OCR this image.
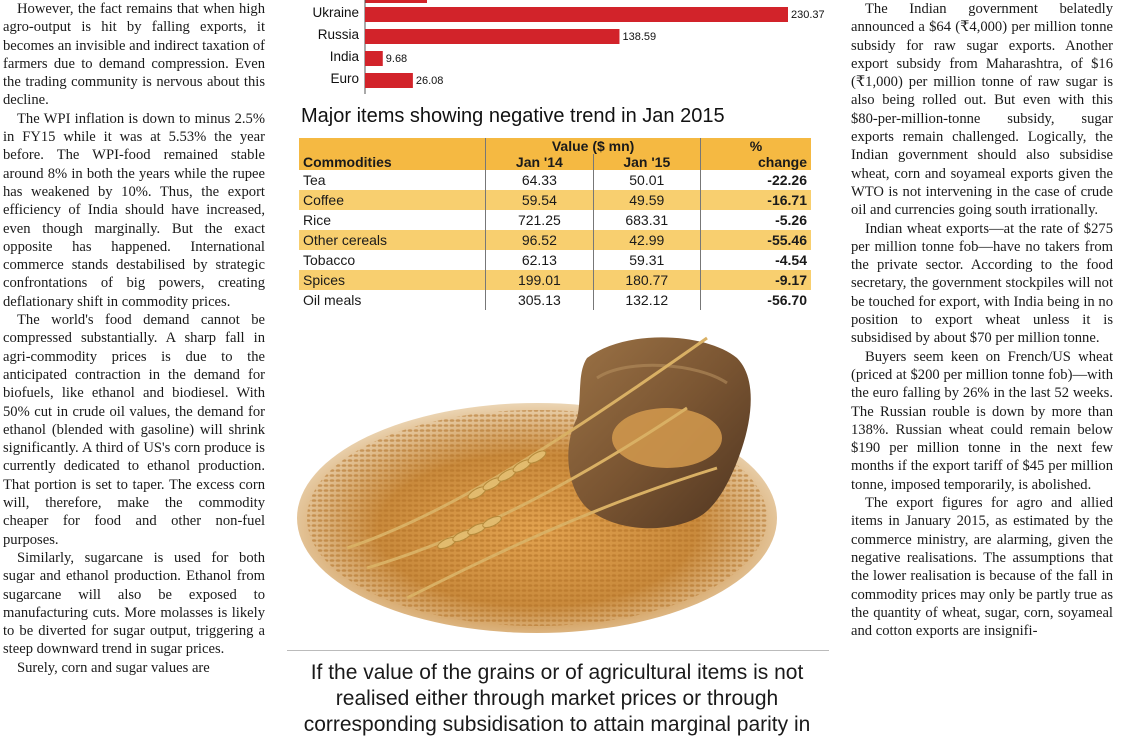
However, the fact remains that when high agro-output is hit by falling exports, it becomes an invisible and indirect taxation of farmers due to demand compression. Even the trading community is nervous about this decline.

The WPI inflation is down to minus 2.5% in FY15 while it was at 5.53% the year before. The WPI-food remained stable around 8% in both the years while the rupee has weakened by 10%. Thus, the export efficiency of India should have increased, even though marginally. But the exact opposite has happened. International commerce stands destabilised by strategic confrontations of big powers, creating deflationary shift in commodity prices.

The world's food demand cannot be compressed substantially. A sharp fall in agri-commodity prices is due to the anticipated contraction in the demand for biofuels, like ethanol and biodiesel. With 50% cut in crude oil values, the demand for ethanol (blended with gasoline) will shrink significantly. A third of US's corn produce is currently dedicated to ethanol production. That portion is set to taper. The excess corn will, therefore, make the commodity cheaper for food and other non-fuel purposes.

Similarly, sugarcane is used for both sugar and ethanol production. Ethanol from sugarcane will also be exposed to manufacturing cuts. More molasses is likely to be diverted for sugar output, triggering a steep downward trend in sugar prices.

Surely, corn and sugar values are

Ukraine	230.37
Russia	138.59
India 9.68
Euro	26.08
Major items showing negative trend in Jan 2015
	Value ($ mn)		%
Commodities	Jan '14	Jan '15	change
Tea	64.33	50.01	-22.26
Coffee	59.54	49.59	-16.71
Rice	721.25	683.31	-5.26
Other cereals	96.52	42.99	-55.46
Tobacco	62.13	59.31	-4.54
Spices	199.01	180.77	-9.17
Oil meals	305.13	132.12	-56.70
If the value of the grains or of agricultural items is not realised either through market prices or through corresponding subsidisation to attain marginal parity in

The Indian government belatedly announced a $64 (₹4,000) per million tonne subsidy for raw sugar exports. Another export subsidy from Maharashtra, of $16 (₹1,000) per million tonne of raw sugar is also being rolled out. But even with this $80-per-million-tonne subsidy, sugar exports remain challenged. Logically, the Indian government should also subsidise wheat, corn and soyameal exports given the WTO is not intervening in the case of crude oil and currencies going south irrationally.

Indian wheat exports—at the rate of $275 per million tonne fob—have no takers from the private sector. According to the food secretary, the government stockpiles will not be touched for export, with India being in no position to export wheat unless it is subsidised by about $70 per million tonne.

Buyers seem keen on French/US wheat (priced at $200 per million tonne fob)—with the euro falling by 26% in the last 52 weeks. The Russian rouble is down by more than 138%. Russian wheat could remain below $190 per million tonne in the next few months if the export tariff of $45 per million tonne, imposed temporarily, is abolished.

The export figures for agro and allied items in January 2015, as estimated by the commerce ministry, are alarming, given the negative realisations. The assumptions that the lower realisation is because of the fall in commodity prices may only be partly true as the quantity of wheat, sugar, corn, soyameal and cotton exports are insignifi-
